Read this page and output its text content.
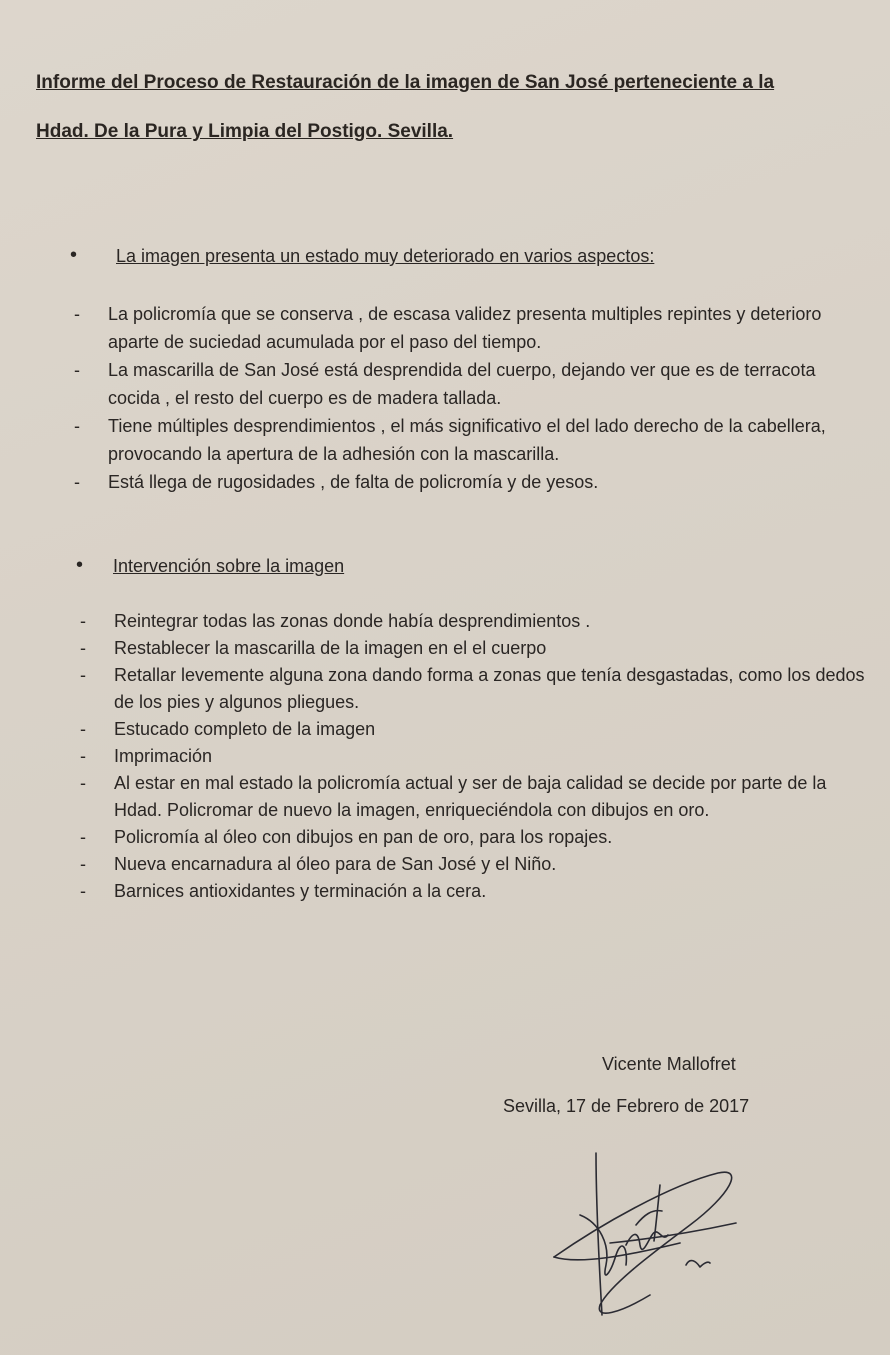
Informe del Proceso de Restauración de la imagen de San José perteneciente a la
Hdad. De la Pura y Limpia del Postigo. Sevilla.
• La imagen presenta un estado muy deteriorado en varios aspectos:
-	La policromía que se conserva , de escasa validez presenta multiples repintes y deterioro aparte de suciedad acumulada por el paso del tiempo.
-	La mascarilla de San José está desprendida del cuerpo, dejando ver que es de terracota cocida , el resto del cuerpo es de madera tallada.
-	Tiene múltiples desprendimientos , el más significativo el del lado derecho de la cabellera, provocando la apertura de la adhesión con la mascarilla.
-	Está llega de rugosidades , de falta de policromía y de yesos.
• Intervención sobre la imagen
-	Reintegrar todas las zonas donde había desprendimientos .
-	Restablecer la mascarilla de la imagen en el el cuerpo
-	Retallar levemente alguna zona dando forma a zonas que tenía desgastadas, como los dedos de los pies y algunos pliegues.
-	Estucado completo de la imagen
-	Imprimación
-	Al estar en mal estado la policromía actual y ser de baja calidad se decide por parte de la Hdad. Policromar de nuevo la imagen, enriqueciéndola con dibujos en oro.
-	Policromía al óleo con dibujos en pan de oro, para los ropajes.
-	Nueva encarnadura al óleo para de San José y el Niño.
-	Barnices antioxidantes y terminación a la cera.
Vicente Mallofret
Sevilla, 17 de Febrero de 2017
